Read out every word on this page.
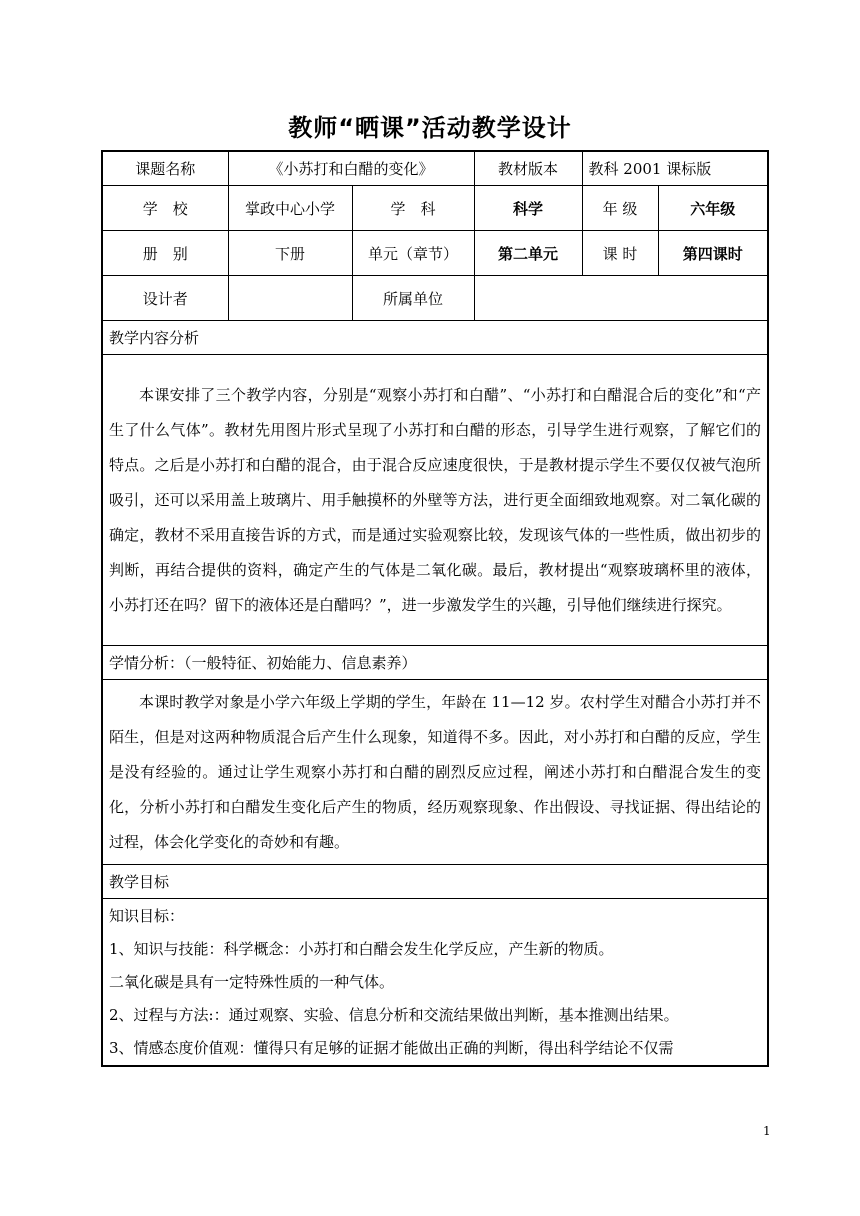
教师“晒课”活动教学设计
课题名称	《小苏打和白醋的变化》		教材版本	教科 2001 课标版	
学　校	掌政中心小学	学　科	科学	年 级	六年级
册　别	下册	单元（章节）	第二单元	课 时	第四课时
设计者		所属单位			
教学内容分析					

本课安排了三个教学内容，分别是“观察小苏打和白醋”、“小苏打和白醋混合后的变化”和“产生了什么气体”。教材先用图片形式呈现了小苏打和白醋的形态，引导学生进行观察，了解它们的特点。之后是小苏打和白醋的混合，由于混合反应速度很快，于是教材提示学生不要仅仅被气泡所吸引，还可以采用盖上玻璃片、用手触摸杯的外壁等方法，进行更全面细致地观察。对二氧化碳的确定，教材不采用直接告诉的方式，而是通过实验观察比较，发现该气体的一些性质，做出初步的判断，再结合提供的资料，确定产生的气体是二氧化碳。最后，教材提出“观察玻璃杯里的液体，小苏打还在吗？留下的液体还是白醋吗？”，进一步激发学生的兴趣，引导他们继续进行探究。					

学情分析：（一般特征、初始能力、信息素养）					

本课时教学对象是小学六年级上学期的学生，年龄在 11—12 岁。农村学生对醋合小苏打并不陌生，但是对这两种物质混合后产生什么现象，知道得不多。因此，对小苏打和白醋的反应，学生是没有经验的。通过让学生观察小苏打和白醋的剧烈反应过程，阐述小苏打和白醋混合发生的变化，分析小苏打和白醋发生变化后产生的物质，经历观察现象、作出假设、寻找证据、得出结论的过程，体会化学变化的奇妙和有趣。					

教学目标					

知识目标：

1、知识与技能：科学概念：小苏打和白醋会发生化学反应，产生新的物质。

二氧化碳是具有一定特殊性质的一种气体。

2、过程与方法:：通过观察、实验、信息分析和交流结果做出判断，基本推测出结果。

3、情感态度价值观：懂得只有足够的证据才能做出正确的判断，得出科学结论不仅需					

1
